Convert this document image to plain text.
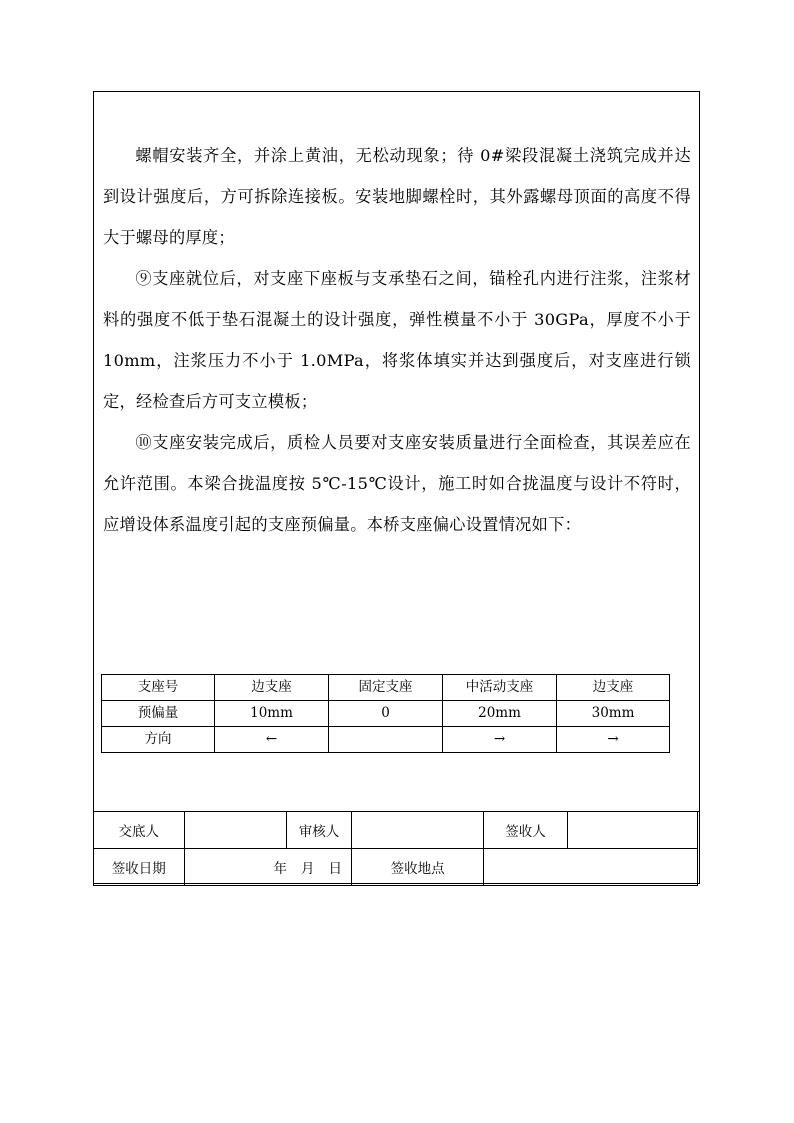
螺帽安装齐全，并涂上黄油，无松动现象；待 0#梁段混凝土浇筑完成并达到设计强度后，方可拆除连接板。安装地脚螺栓时，其外露螺母顶面的高度不得大于螺母的厚度；

⑨支座就位后，对支座下座板与支承垫石之间，锚栓孔内进行注浆，注浆材料的强度不低于垫石混凝土的设计强度，弹性模量不小于 30GPa，厚度不小于 10mm，注浆压力不小于 1.0MPa，将浆体填实并达到强度后，对支座进行锁定，经检查后方可支立模板；

⑩支座安装完成后，质检人员要对支座安装质量进行全面检查，其误差应在允许范围。本梁合拢温度按 5℃-15℃设计，施工时如合拢温度与设计不符时，应增设体系温度引起的支座预偏量。本桥支座偏心设置情况如下：

支座号	边支座	固定支座	中活动支座	边支座
预偏量	10mm	0	20mm	30mm
方向	←		→	→
交底人		审核人		签收人	
签收日期	年 月 日		签收地点		
